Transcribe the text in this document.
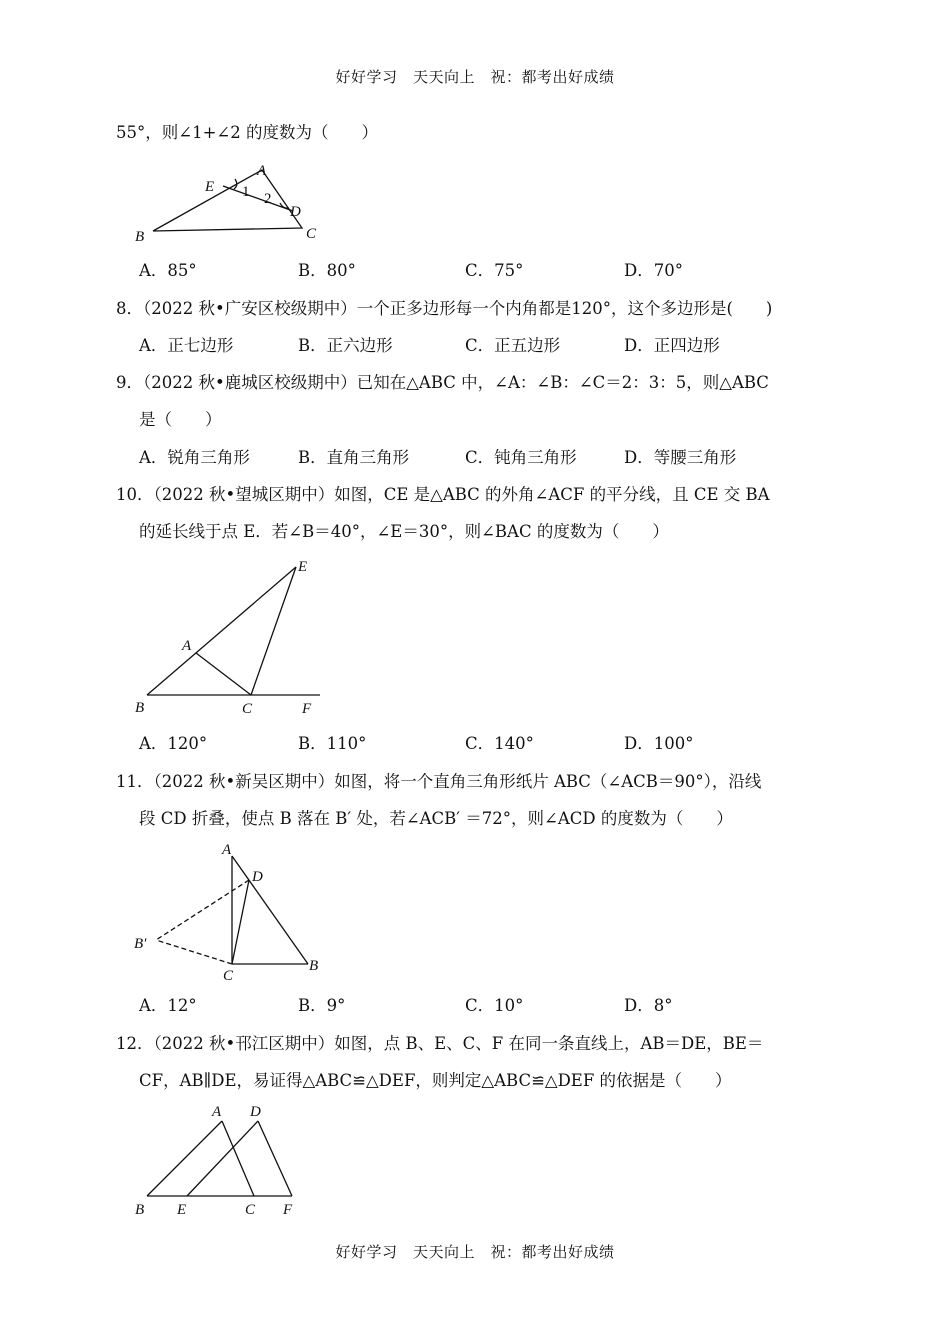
好好学习　天天向上　祝：都考出好成绩
55°，则∠1+∠2 的度数为（　　）
E
A
1 2
D
B	C
A．85°	B．80°	C．75°	D．70°
8．（2022 秋•广安区校级期中）一个正多边形每一个内角都是120°，这个多边形是(　　)
A．正七边形	B．正六边形	C．正五边形	D．正四边形
9．（2022 秋•鹿城区校级期中）已知在△ABC 中，∠A：∠B：∠C＝2：3：5，则△ABC
是（　　）
A．锐角三角形	B．直角三角形	C．钝角三角形	D．等腰三角形
10．（2022 秋•望城区期中）如图，CE 是△ABC 的外角∠ACF 的平分线，且 CE 交 BA
的延长线于点 E．若∠B＝40°，∠E＝30°，则∠BAC 的度数为（　　）
E
A
B	C	F
A．120°	B．110°	C．140°	D．100°
11．（2022 秋•新吴区期中）如图，将一个直角三角形纸片 ABC（∠ACB＝90°），沿线
段 CD 折叠，使点 B 落在 B′ 处，若∠ACB′ ＝72°，则∠ACD 的度数为（　　）
A
D
B′
C
B
A．12°	B．9°	C．10°	D．8°
12．（2022 秋•邗江区期中）如图，点 B、E、C、F 在同一条直线上，AB＝DE，BE＝
CF，AB∥DE，易证得△ABC≌△DEF，则判定△ABC≌△DEF 的依据是（　　）
A D
B E	C F
好好学习　天天向上　祝：都考出好成绩
